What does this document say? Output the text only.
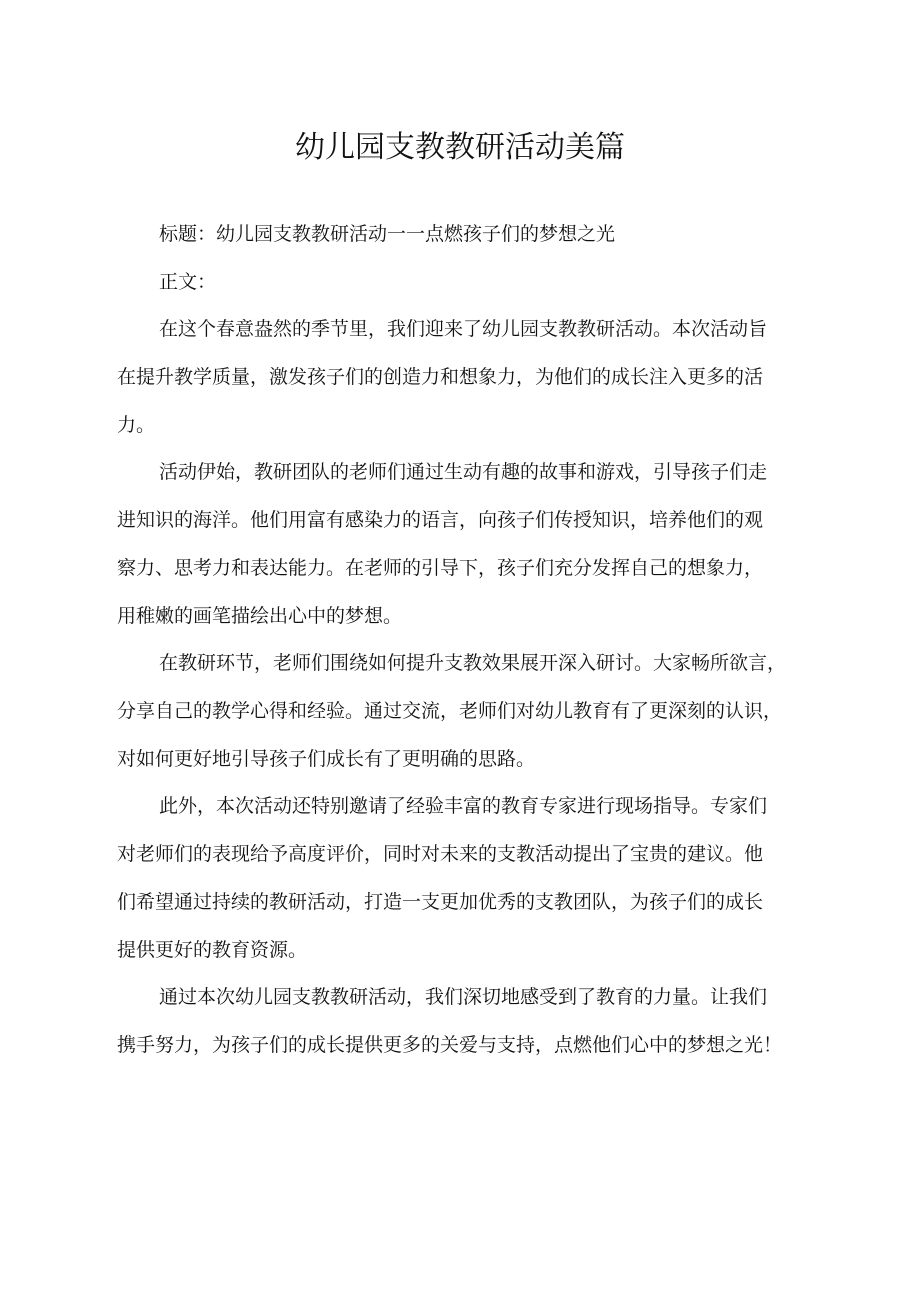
幼儿园支教教研活动美篇

标题：幼儿园支教教研活动一一点燃孩子们的梦想之光

正文：

在这个春意盎然的季节里，我们迎来了幼儿园支教教研活动。本次活动旨

在提升教学质量，激发孩子们的创造力和想象力，为他们的成长注入更多的活

力。

活动伊始，教研团队的老师们通过生动有趣的故事和游戏，引导孩子们走

进知识的海洋。他们用富有感染力的语言，向孩子们传授知识，培养他们的观

察力、思考力和表达能力。在老师的引导下，孩子们充分发挥自己的想象力，

用稚嫩的画笔描绘出心中的梦想。

在教研环节，老师们围绕如何提升支教效果展开深入研讨。大家畅所欲言，

分享自己的教学心得和经验。通过交流，老师们对幼儿教育有了更深刻的认识，

对如何更好地引导孩子们成长有了更明确的思路。

此外，本次活动还特别邀请了经验丰富的教育专家进行现场指导。专家们

对老师们的表现给予高度评价，同时对未来的支教活动提出了宝贵的建议。他

们希望通过持续的教研活动，打造一支更加优秀的支教团队，为孩子们的成长

提供更好的教育资源。

通过本次幼儿园支教教研活动，我们深切地感受到了教育的力量。让我们

携手努力，为孩子们的成长提供更多的关爱与支持，点燃他们心中的梦想之光！
